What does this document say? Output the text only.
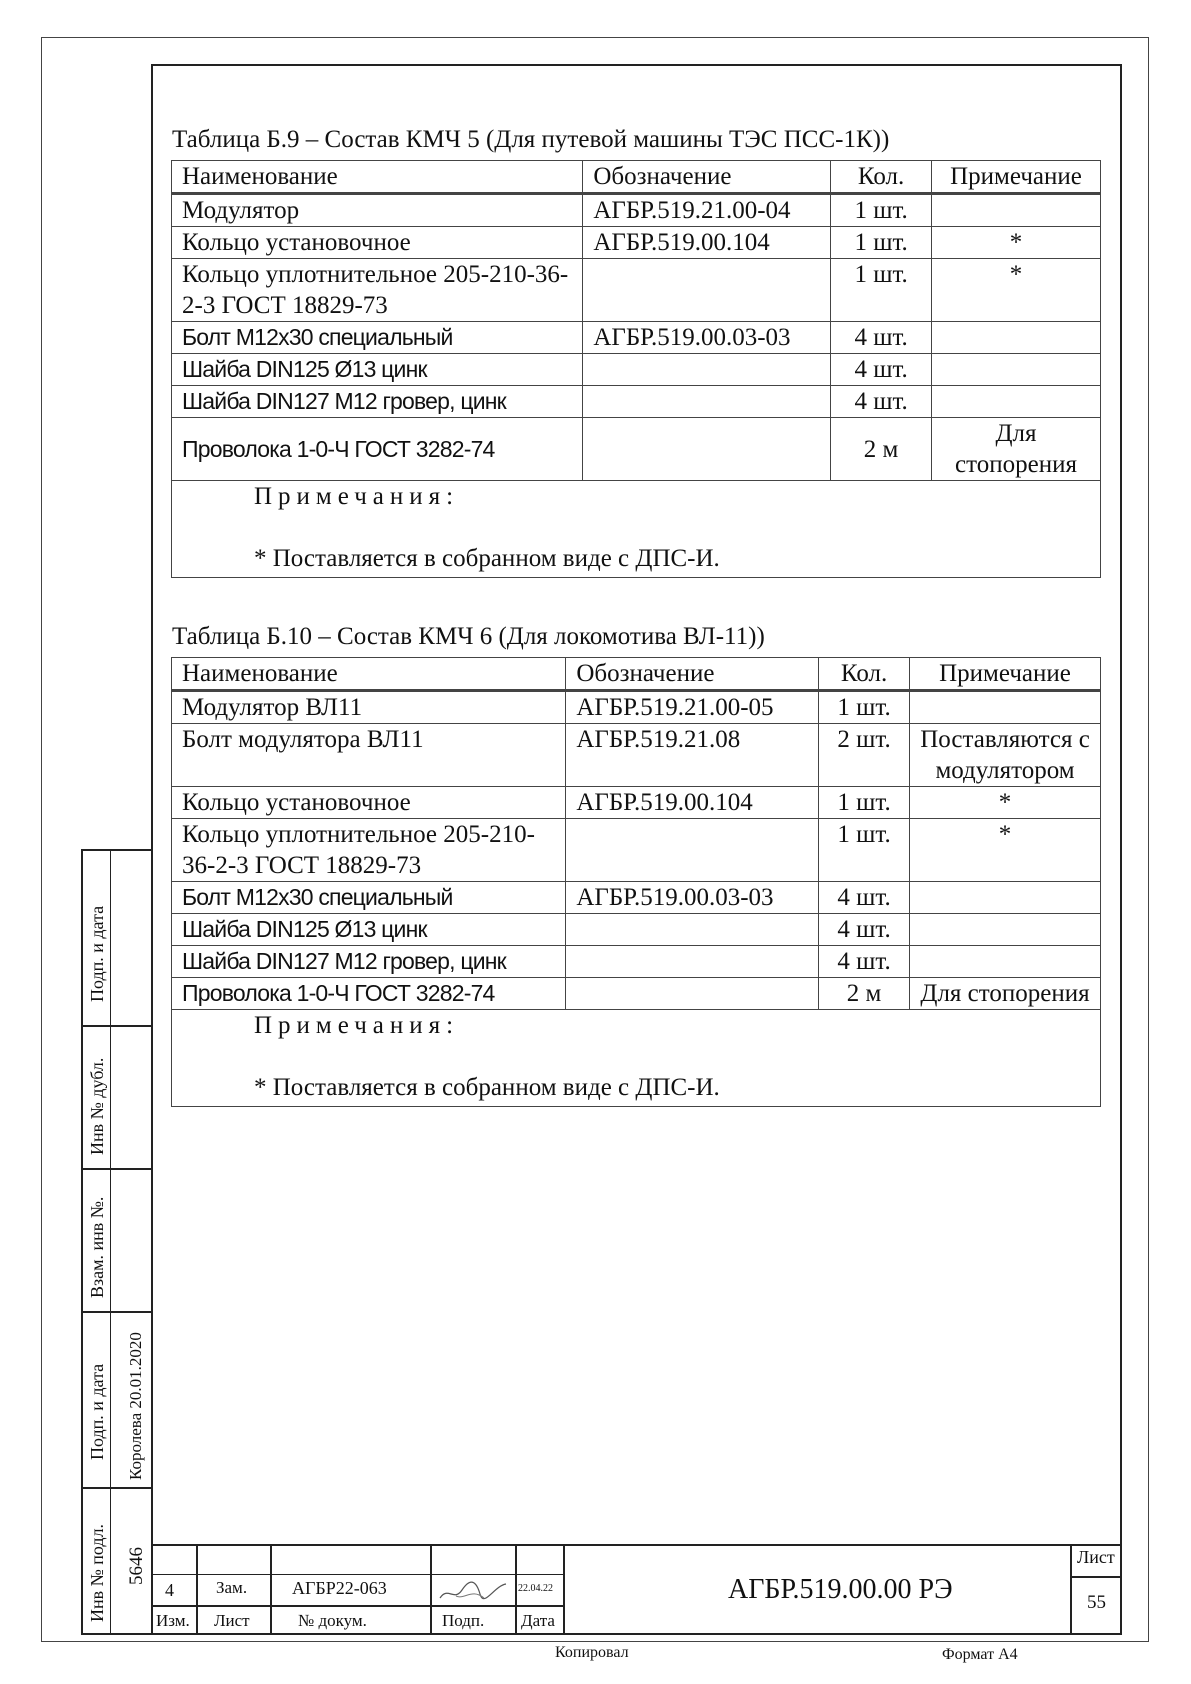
Таблица Б.9 – Состав КМЧ 5 (Для путевой машины ТЭС ПСС-1К))
Наименование	Обозначение	Кол.	Примечание
Модулятор	АГБР.519.21.00-04	1 шт.	
Кольцо установочное	АГБР.519.00.104	1 шт.	*
Кольцо уплотнительное 205-210-36-2-3 ГОСТ 18829-73		1 шт.	*
Болт М12х30 специальный	АГБР.519.00.03-03	4 шт.	
Шайба DIN125 Ø13 цинк		4 шт.	
Шайба DIN127 М12 гровер, цинк		4 шт.	
Проволока 1-0-Ч ГОСТ 3282-74		2 м	Для стопорения

Примечания:
* Поставляется в собранном виде с ДПС-И.			
Таблица Б.10 – Состав КМЧ 6 (Для локомотива ВЛ-11))
Наименование	Обозначение	Кол.	Примечание
Модулятор ВЛ11	АГБР.519.21.00-05	1 шт.	
Болт модулятора ВЛ11	АГБР.519.21.08	2 шт.	Поставляются с модулятором
Кольцо установочное	АГБР.519.00.104	1 шт.	*
Кольцо уплотнительное 205-210-36-2-3 ГОСТ 18829-73		1 шт.	*
Болт М12х30 специальный	АГБР.519.00.03-03	4 шт.	
Шайба DIN125 Ø13 цинк		4 шт.	
Шайба DIN127 М12 гровер, цинк		4 шт.	
Проволока 1-0-Ч ГОСТ 3282-74		2 м	Для стопорения

Примечания:
* Поставляется в собранном виде с ДПС-И.			
Подп. и дата
Инв № дубл.
Взам. инв №.
Подп. и дата
Инв № подл.
Королева 20.01.2020
5646
4 Зам. АГБР22-063	22.04.22
Изм. Лист	№ докум.	Подп. Дата
АГБР.519.00.00 РЭ
Лист
55
Копировал	Формат А4
